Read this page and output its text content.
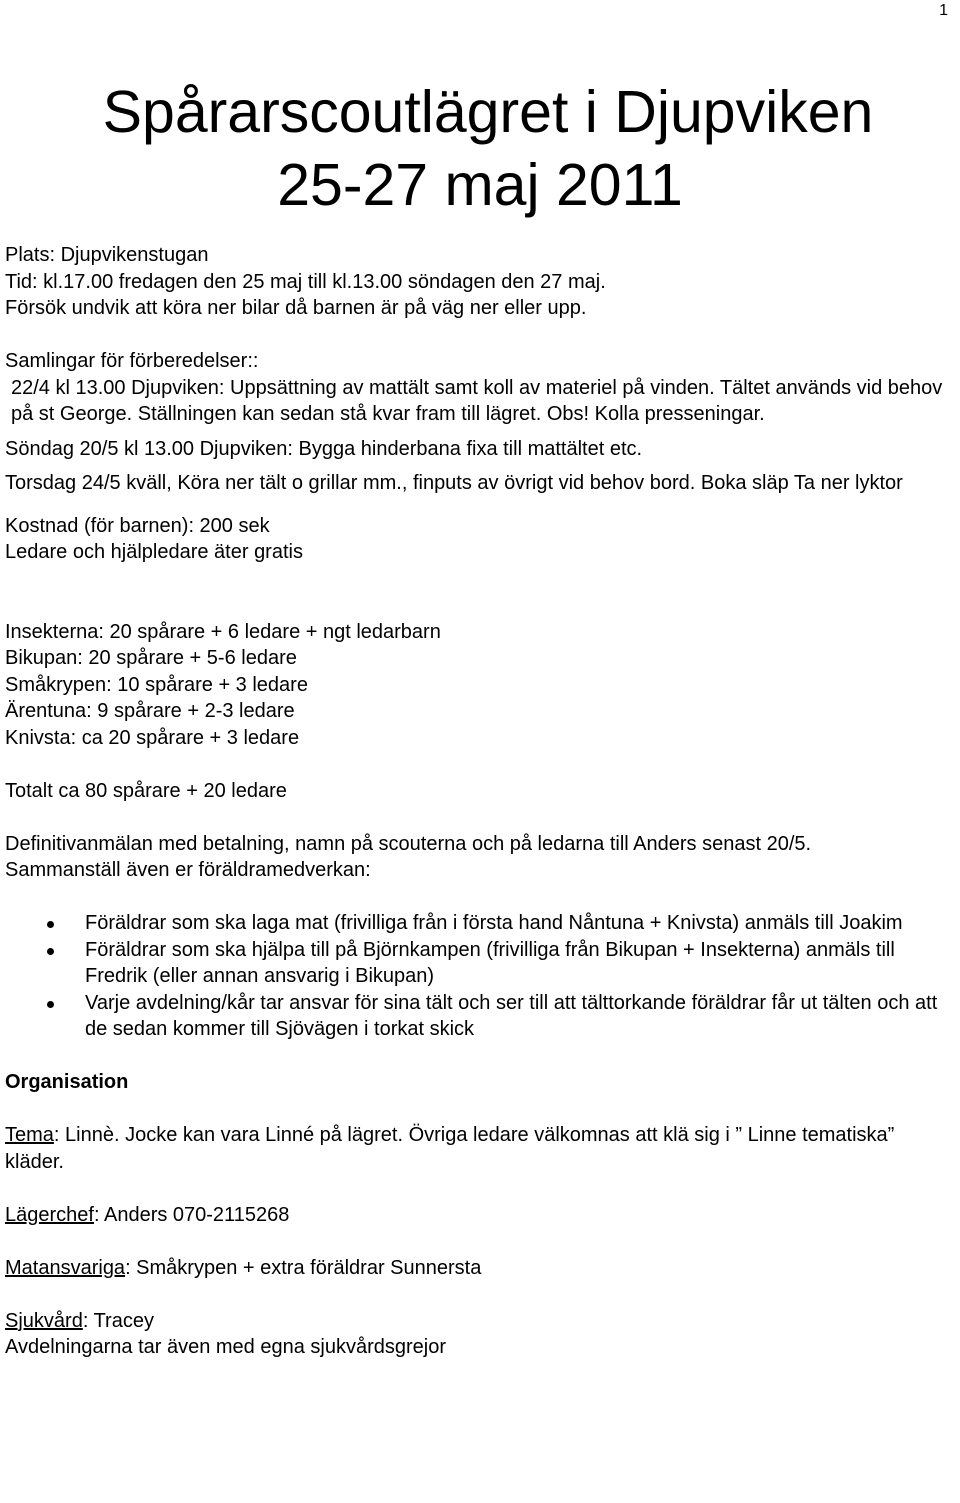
1
Spårarscoutlägret i Djupviken
25-27 maj 2011
Plats: Djupvikenstugan
Tid: kl.17.00 fredagen den 25 maj till kl.13.00 söndagen den 27 maj.
Försök undvik att köra ner bilar då barnen är på väg ner eller upp.
Samlingar för förberedelser::
22/4 kl 13.00 Djupviken: Uppsättning av mattält samt koll av materiel på vinden. Tältet används vid behov på st George. Ställningen kan sedan stå kvar fram till lägret. Obs! Kolla presseningar.
Söndag 20/5 kl 13.00 Djupviken: Bygga hinderbana fixa till mattältet etc.
Torsdag 24/5 kväll, Köra ner tält o grillar mm., finputs av övrigt vid behov bord. Boka släp Ta ner lyktor
Kostnad (för barnen): 200 sek
Ledare och hjälpledare äter gratis
Insekterna: 20 spårare + 6 ledare + ngt ledarbarn
Bikupan: 20 spårare + 5-6 ledare
Småkrypen: 10 spårare + 3 ledare
Ärentuna: 9 spårare + 2-3 ledare
Knivsta: ca 20 spårare + 3 ledare
Totalt ca 80 spårare + 20 ledare
Definitivanmälan med betalning, namn på scouterna och på ledarna till Anders senast 20/5.
Sammanställ även er föräldramedverkan:
Föräldrar som ska laga mat (frivilliga från i första hand Nåntuna + Knivsta) anmäls till Joakim
Föräldrar som ska hjälpa till på Björnkampen (frivilliga från Bikupan + Insekterna) anmäls till Fredrik (eller annan ansvarig i Bikupan)
Varje avdelning/kår tar ansvar för sina tält och ser till att tälttorkande föräldrar får ut tälten och att de sedan kommer till Sjövägen i torkat skick
Organisation
Tema: Linnè. Jocke kan vara Linné på lägret. Övriga ledare välkomnas att klä sig i ” Linne tematiska” kläder.
Lägerchef: Anders 070-2115268
Matansvariga: Småkrypen + extra föräldrar Sunnersta
Sjukvård: Tracey
Avdelningarna tar även med egna sjukvårdsgrejor
